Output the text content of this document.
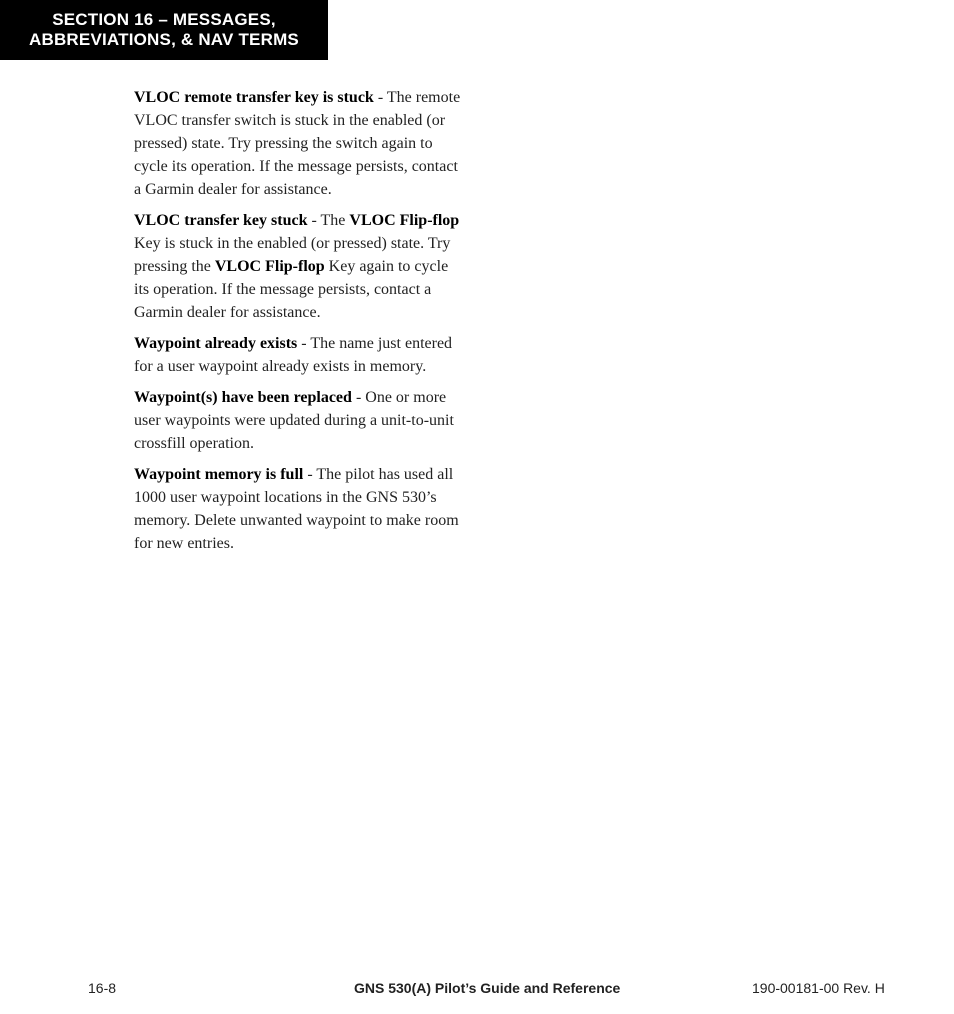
SECTION 16 – MESSAGES,
ABBREVIATIONS, & NAV TERMS

VLOC remote transfer key is stuck - The remote VLOC transfer switch is stuck in the enabled (or pressed) state. Try pressing the switch again to cycle its operation. If the message persists, contact a Garmin dealer for assistance.

VLOC transfer key stuck - The VLOC Flip-flop Key is stuck in the enabled (or pressed) state. Try pressing the VLOC Flip-flop Key again to cycle its operation. If the message persists, contact a Garmin dealer for assistance.

Waypoint already exists - The name just entered for a user waypoint already exists in memory.

Waypoint(s) have been replaced - One or more user waypoints were updated during a unit-to-unit crossfill operation.

Waypoint memory is full - The pilot has used all 1000 user waypoint locations in the GNS 530’s memory. Delete unwanted waypoint to make room for new entries.

16-8	GNS 530(A) Pilot’s Guide and Reference	190-00181-00 Rev. H
